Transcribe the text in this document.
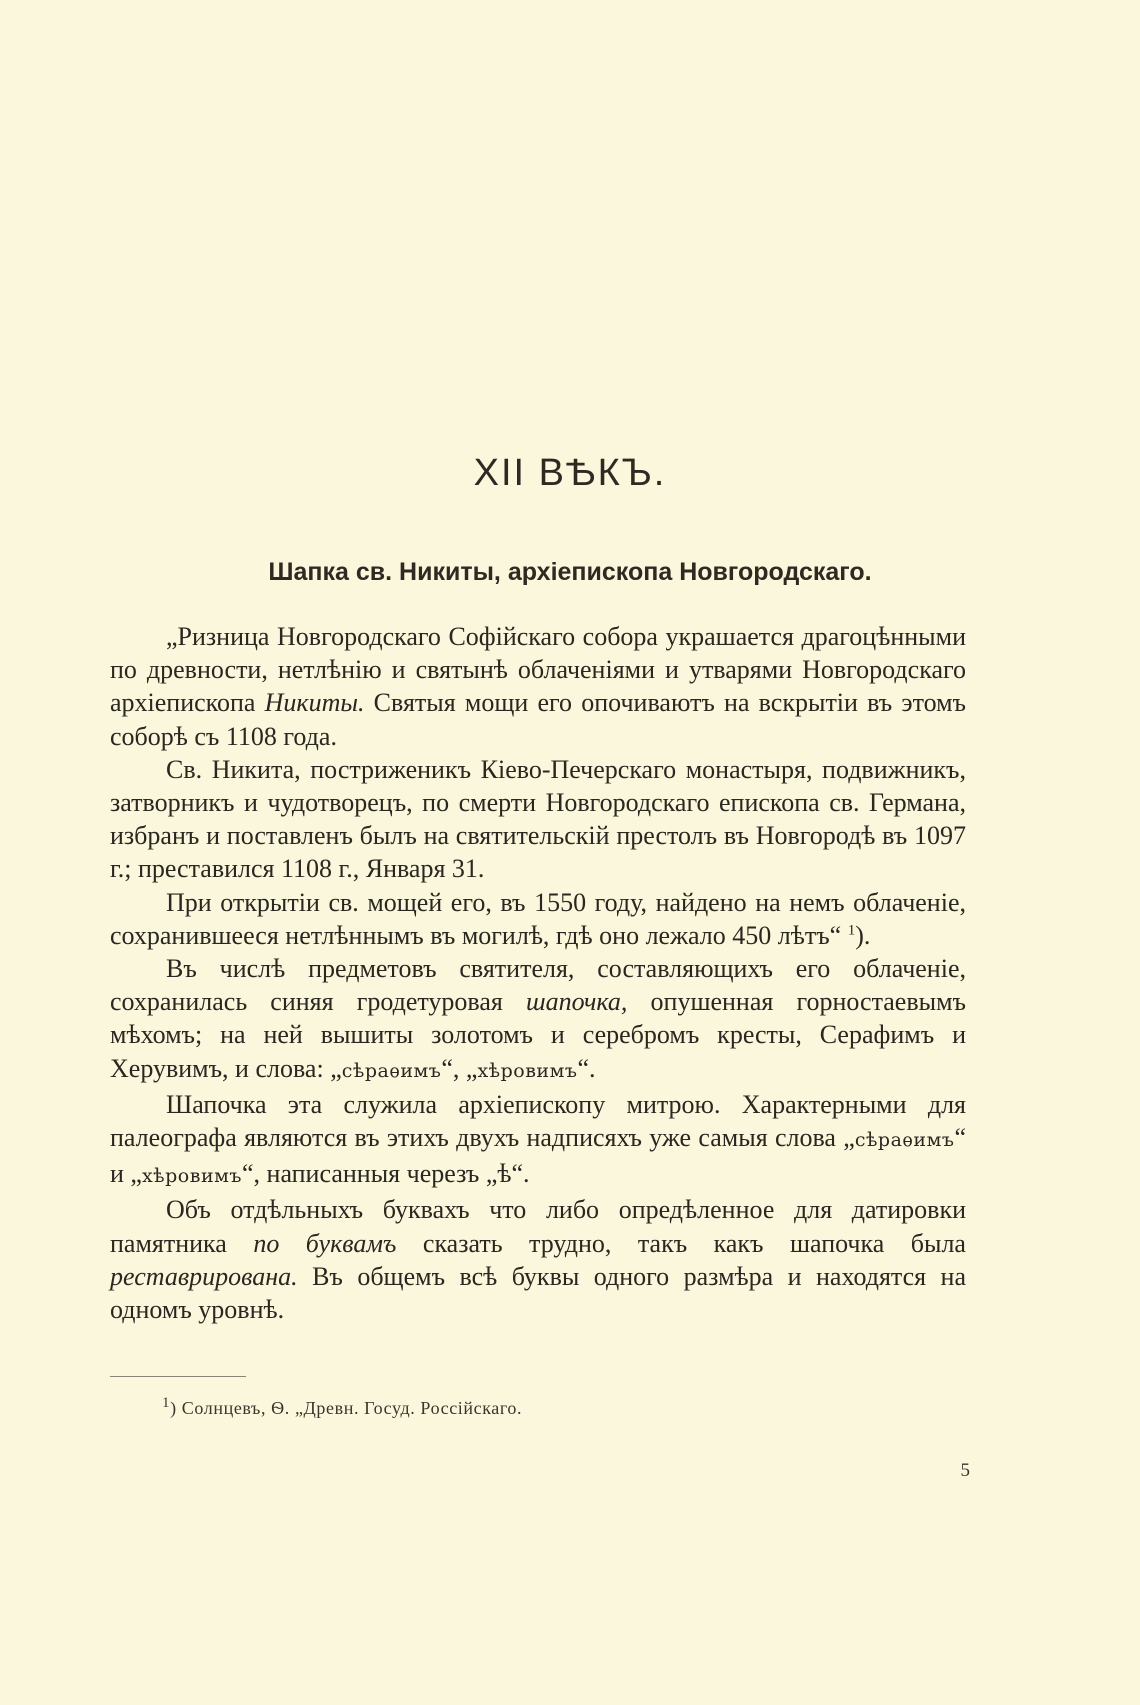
XII ВѢКЪ.
Шапка св. Никиты, архіепископа Новгородскаго.

„Ризница Новгородскаго Софійскаго собора украшается драгоцѣнными по древности, нетлѣнію и святынѣ облаченіями и утварями Новгородскаго архіепископа Никиты. Святыя мощи его опочиваютъ на вскрытіи въ этомъ соборѣ съ 1108 года.

Св. Никита, постриженикъ Кіево-Печерскаго монастыря, подвижникъ, затворникъ и чудотворецъ, по смерти Новгородскаго епископа св. Германа, избранъ и поставленъ былъ на святительскій престолъ въ Новгородѣ въ 1097 г.; преставился 1108 г., Января 31.

При открытіи св. мощей его, въ 1550 году, найдено на немъ облаченіе, сохранившееся нетлѣннымъ въ могилѣ, гдѣ оно лежало 450 лѣтъ“ $^1$).

Въ числѣ предметовъ святителя, составляющихъ его облаченіе, сохранилась синяя гродетуровая шапочка, опушенная горностаевымъ мѣхомъ; на ней вышиты золотомъ и серебромъ кресты, Серафимъ и Херувимъ, и слова: „сѣраѳимъ“, „хѣровимъ“.

Шапочка эта служила архіепископу митрою. Характерными для палеографа являются въ этихъ двухъ надписяхъ уже самыя слова „сѣраѳимъ“ и „хѣровимъ“, написанныя черезъ „ѣ“.

Объ отдѣльныхъ буквахъ что либо опредѣленное для датировки памятника по буквамъ сказать трудно, такъ какъ шапочка была реставрирована. Въ общемъ всѣ буквы одного размѣра и находятся на одномъ уровнѣ.

$^1$) Солнцевъ, Ѳ. „Древн. Госуд. Россійскаго.
5
